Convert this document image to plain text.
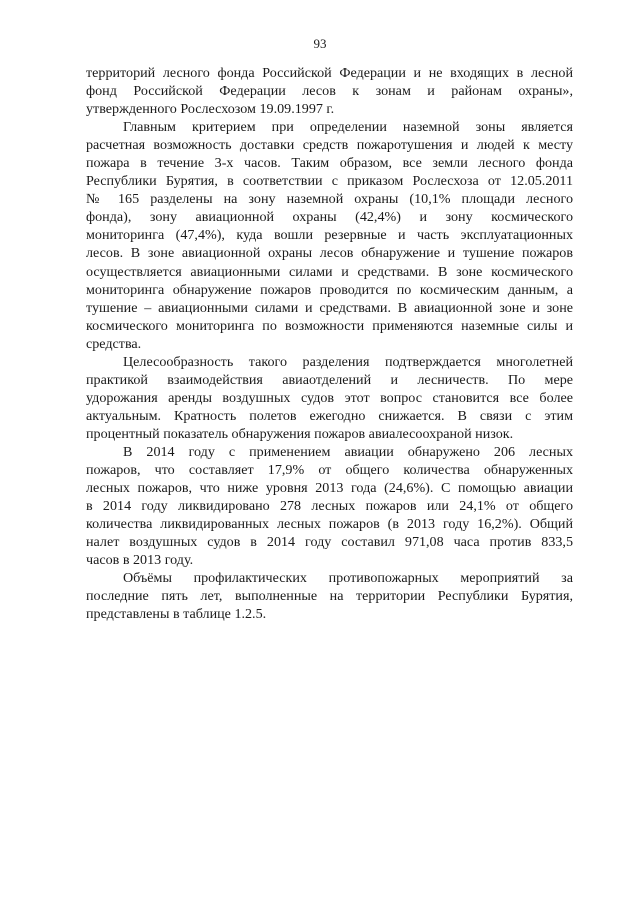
93
территорий лесного фонда Российской Федерации и не входящих в лесной
фонд Российской Федерации лесов к зонам и районам охраны»,
утвержденного Рослесхозом 19.09.1997 г.
Главным критерием при определении наземной зоны является
расчетная возможность доставки средств пожаротушения и людей к месту
пожара в течение 3-х часов. Таким образом, все земли лесного фонда
Республики Бурятия, в соответствии с приказом Рослесхоза от 12.05.2011
№ 165 разделены на зону наземной охраны (10,1% площади лесного
фонда), зону авиационной охраны (42,4%) и зону космического
мониторинга (47,4%), куда вошли резервные и часть эксплуатационных
лесов. В зоне авиационной охраны лесов обнаружение и тушение пожаров
осуществляется авиационными силами и средствами. В зоне космического
мониторинга обнаружение пожаров проводится по космическим данным, а
тушение – авиационными силами и средствами. В авиационной зоне и зоне
космического мониторинга по возможности применяются наземные силы и
средства.
Целесообразность такого разделения подтверждается многолетней
практикой взаимодействия авиаотделений и лесничеств. По мере
удорожания аренды воздушных судов этот вопрос становится все более
актуальным. Кратность полетов ежегодно снижается. В связи с этим
процентный показатель обнаружения пожаров авиалесоохраной низок.
В 2014 году с применением авиации обнаружено 206 лесных
пожаров, что составляет 17,9% от общего количества обнаруженных
лесных пожаров, что ниже уровня 2013 года (24,6%). С помощью авиации
в 2014 году ликвидировано 278 лесных пожаров или 24,1% от общего
количества ликвидированных лесных пожаров (в 2013 году 16,2%). Общий
налет воздушных судов в 2014 году составил 971,08 часа против 833,5
часов в 2013 году.
Объёмы профилактических противопожарных мероприятий за
последние пять лет, выполненные на территории Республики Бурятия,
представлены в таблице 1.2.5.
